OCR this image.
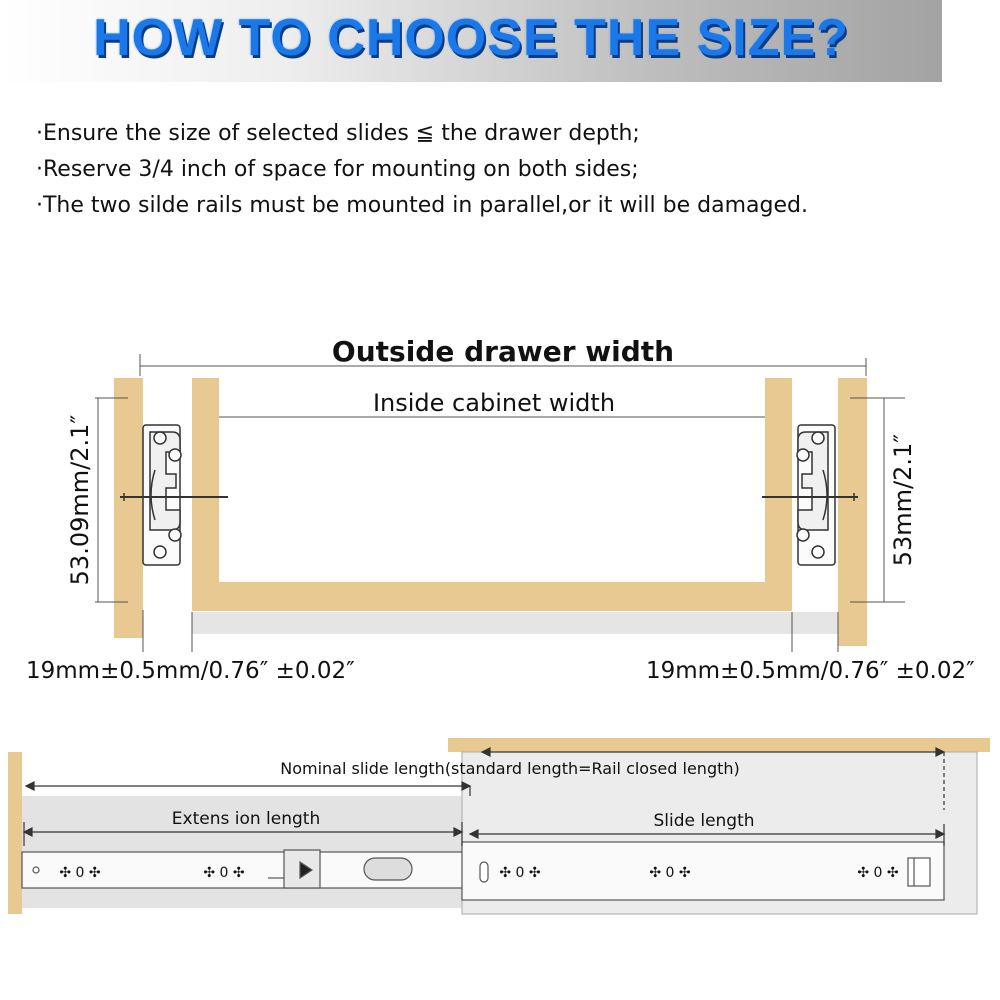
HOW TO CHOOSE THE SIZE?
·Ensure the size of selected slides ≦ the drawer depth;
·Reserve 3/4 inch of space for mounting on both sides;
·The two silde rails must be mounted in parallel,or it will be damaged.
Outside drawer width
Inside cabinet width
53.09mm/2.1″	53mm/2.1″
19mm±0.5mm/0.76″ ±0.02″	19mm±0.5mm/0.76″ ±0.02″
✣ 0 ✣	✣ 0 ✣	✣ 0 ✣	✣ 0 ✣	✣ 0 ✣
Nominal slide length(standard length=Rail closed length)
Extens ion length	Slide length
